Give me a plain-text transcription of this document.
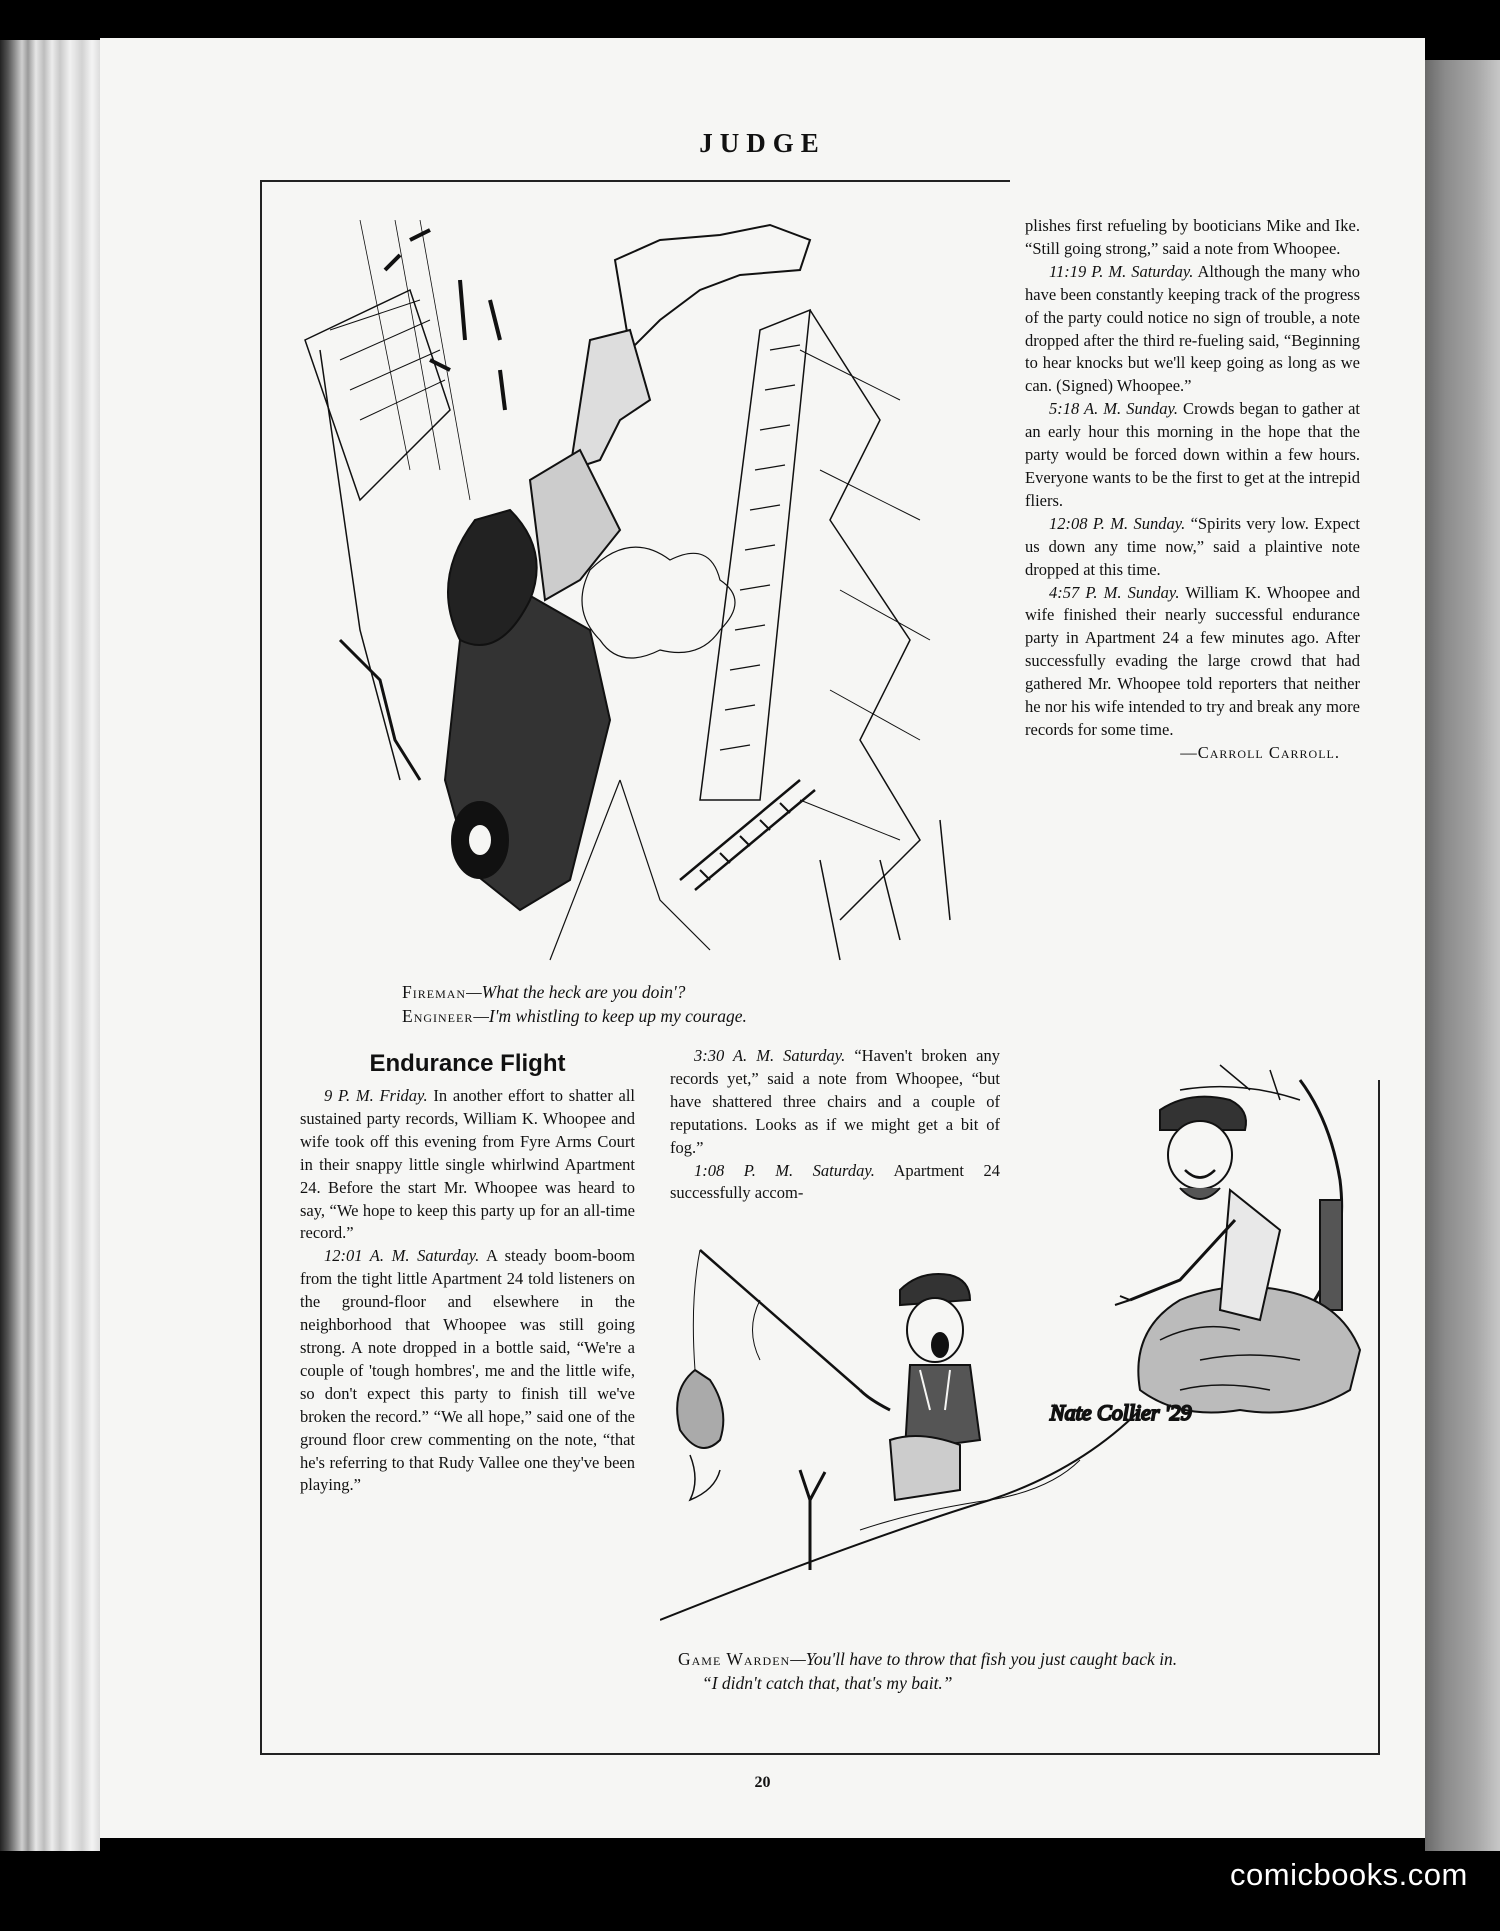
JUDGE
Fireman—What the heck are you doin'?
Engineer—I'm whistling to keep up my courage.
Endurance Flight

9 P. M. Friday. In another effort to shatter all sustained party records, William K. Whoopee and wife took off this evening from Fyre Arms Court in their snappy little single whirlwind Apartment 24. Before the start Mr. Whoopee was heard to say, “We hope to keep this party up for an all-time record.”

12:01 A. M. Saturday. A steady boom-boom from the tight little Apartment 24 told listeners on the ground-floor and elsewhere in the neighborhood that Whoopee was still going strong. A note dropped in a bottle said, “We're a couple of 'tough hombres', me and the little wife, so don't expect this party to finish till we've broken the record.” “We all hope,” said one of the ground floor crew commenting on the note, “that he's referring to that Rudy Vallee one they've been playing.”

3:30 A. M. Saturday. “Haven't broken any records yet,” said a note from Whoopee, “but have shattered three chairs and a couple of reputations. Looks as if we might get a bit of fog.”

1:08 P. M. Saturday. Apartment 24 successfully accom-

plishes first refueling by booticians Mike and Ike. “Still going strong,” said a note from Whoopee.

11:19 P. M. Saturday. Although the many who have been constantly keeping track of the progress of the party could notice no sign of trouble, a note dropped after the third re-fueling said, “Beginning to hear knocks but we'll keep going as long as we can. (Signed) Whoopee.”

5:18 A. M. Sunday. Crowds began to gather at an early hour this morning in the hope that the party would be forced down within a few hours. Everyone wants to be the first to get at the intrepid fliers.

12:08 P. M. Sunday. “Spirits very low. Expect us down any time now,” said a plaintive note dropped at this time.

4:57 P. M. Sunday. William K. Whoopee and wife finished their nearly successful endurance party in Apartment 24 a few minutes ago. After successfully evading the large crowd that had gathered Mr. Whoopee told reporters that neither he nor his wife intended to try and break any more records for some time.

—Carroll Carroll.
Nate Collier '29
Game Warden—You'll have to throw that fish you just caught back in.
“I didn't catch that, that's my bait.”
20
comicbooks.com
